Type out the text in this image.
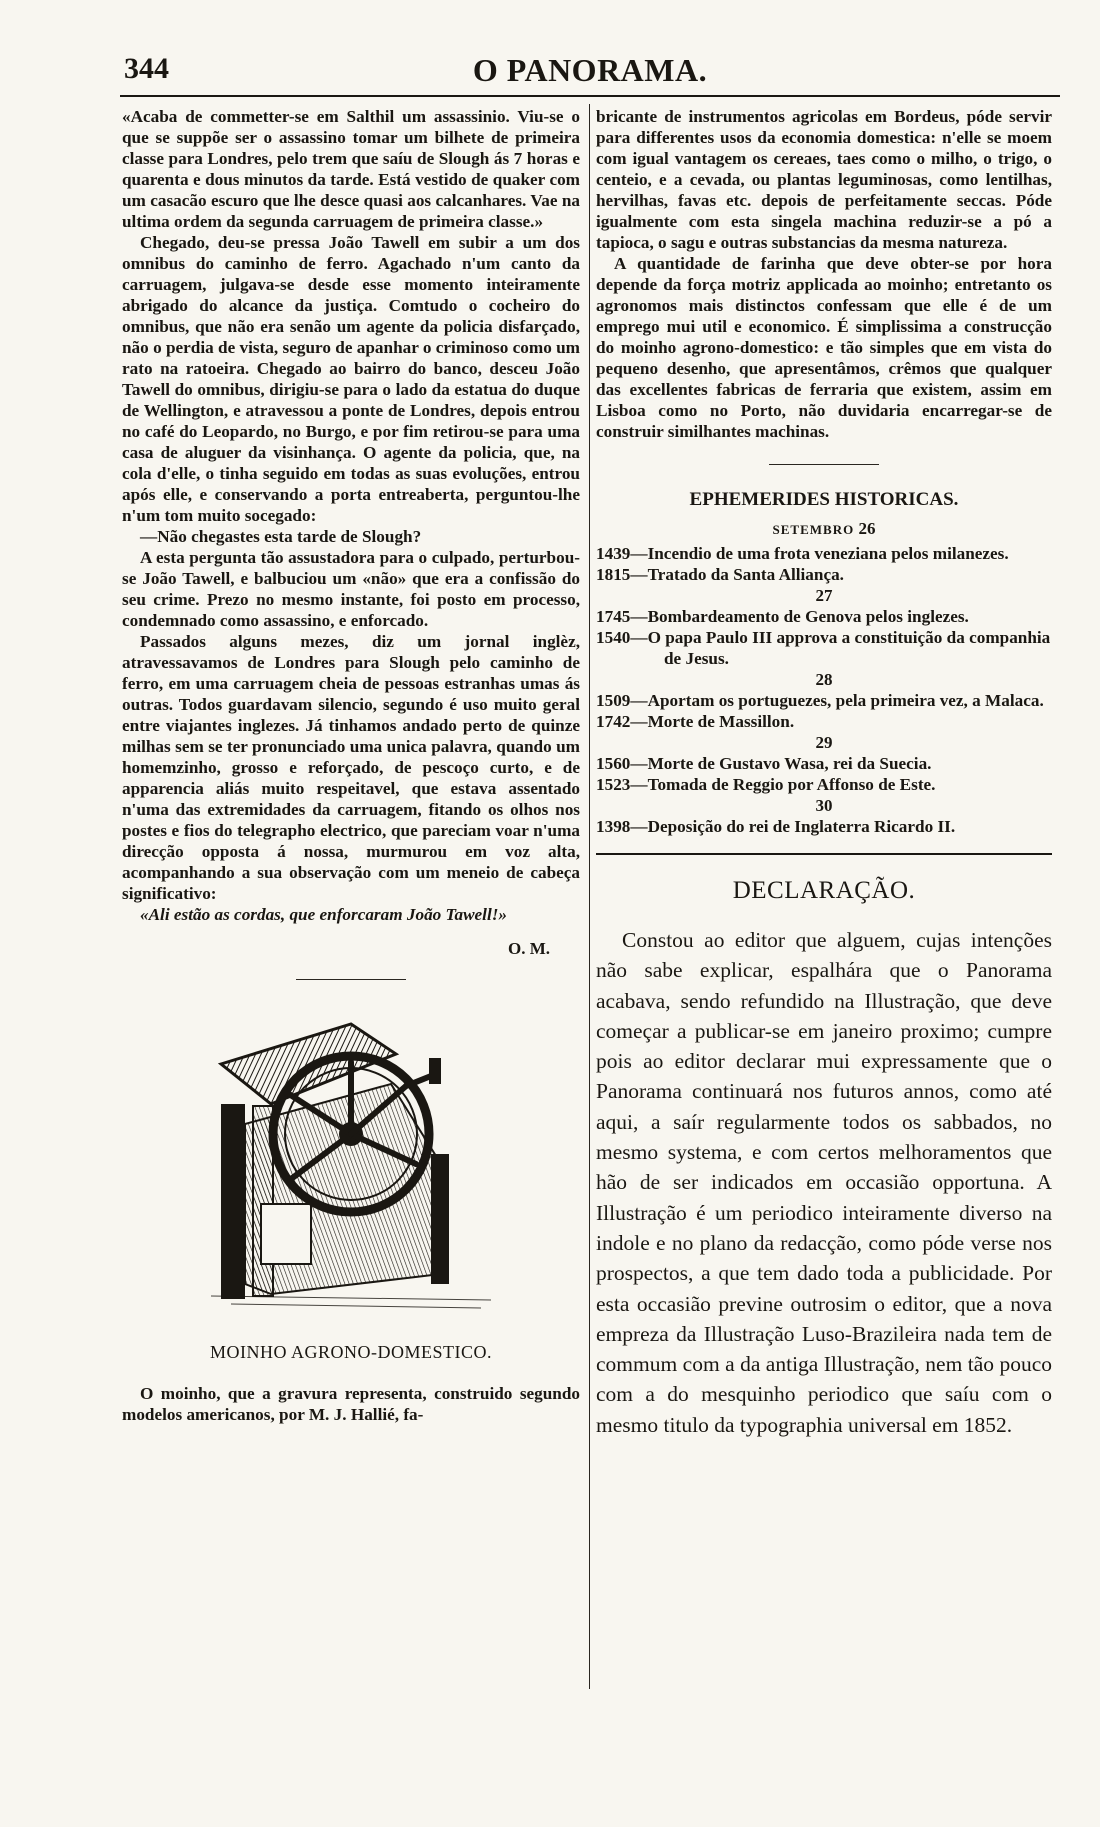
344	O PANORAMA.

«Acaba de commetter-se em Salthil um assassinio. Viu-se o que se suppõe ser o assassino tomar um bilhete de primeira classe para Londres, pelo trem que saíu de Slough ás 7 horas e quarenta e dous minutos da tarde. Está vestido de quaker com um casacão escuro que lhe desce quasi aos calcanhares. Vae na ultima ordem da segunda carruagem de primeira classe.»

Chegado, deu-se pressa João Tawell em subir a um dos omnibus do caminho de ferro. Agachado n'um canto da carruagem, julgava-se desde esse momento inteiramente abrigado do alcance da justiça. Comtudo o cocheiro do omnibus, que não era senão um agente da policia disfarçado, não o perdia de vista, seguro de apanhar o criminoso como um rato na ratoeira. Chegado ao bairro do banco, desceu João Tawell do omnibus, dirigiu-se para o lado da estatua do duque de Wellington, e atravessou a ponte de Londres, depois entrou no café do Leopardo, no Burgo, e por fim retirou-se para uma casa de aluguer da visinhança. O agente da policia, que, na cola d'elle, o tinha seguido em todas as suas evoluções, entrou após elle, e conservando a porta entreaberta, perguntou-lhe n'um tom muito socegado:

—Não chegastes esta tarde de Slough?

A esta pergunta tão assustadora para o culpado, perturbou-se João Tawell, e balbuciou um «não» que era a confissão do seu crime. Prezo no mesmo instante, foi posto em processo, condemnado como assassino, e enforcado.

Passados alguns mezes, diz um jornal inglèz, atravessavamos de Londres para Slough pelo caminho de ferro, em uma carruagem cheia de pessoas estranhas umas ás outras. Todos guardavam silencio, segundo é uso muito geral entre viajantes inglezes. Já tinhamos andado perto de quinze milhas sem se ter pronunciado uma unica palavra, quando um homemzinho, grosso e reforçado, de pescoço curto, e de apparencia aliás muito respeitavel, que estava assentado n'uma das extremidades da carruagem, fitando os olhos nos postes e fios do telegrapho electrico, que pareciam voar n'uma direcção opposta á nossa, murmurou em voz alta, acompanhando a sua observação com um meneio de cabeça significativo:

«Ali estão as cordas, que enforcaram João Tawell!»

O. M.
MOINHO AGRONO-DOMESTICO.

O moinho, que a gravura representa, construido segundo modelos americanos, por M. J. Hallié, fa-

bricante de instrumentos agricolas em Bordeus, póde servir para differentes usos da economia domestica: n'elle se moem com igual vantagem os cereaes, taes como o milho, o trigo, o centeio, e a cevada, ou plantas leguminosas, como lentilhas, hervilhas, favas etc. depois de perfeitamente seccas. Póde igualmente com esta singela machina reduzir-se a pó a tapioca, o sagu e outras substancias da mesma natureza.

A quantidade de farinha que deve obter-se por hora depende da força motriz applicada ao moinho; entretanto os agronomos mais distinctos confessam que elle é de um emprego mui util e economico. É simplissima a construcção do moinho agrono-domestico: e tão simples que em vista do pequeno desenho, que apresentâmos, crêmos que qualquer das excellentes fabricas de ferraria que existem, assim em Lisboa como no Porto, não duvidaria encarregar-se de construir similhantes machinas.

EPHEMERIDES HISTORICAS.
SETEMBRO 26

1439—Incendio de uma frota veneziana pelos milanezes.

1815—Tratado da Santa Alliança.

27

1745—Bombardeamento de Genova pelos inglezes.

1540—O papa Paulo III approva a constituição da companhia de Jesus.

28

1509—Aportam os portuguezes, pela primeira vez, a Malaca.

1742—Morte de Massillon.

29

1560—Morte de Gustavo Wasa, rei da Suecia.

1523—Tomada de Reggio por Affonso de Este.

30

1398—Deposição do rei de Inglaterra Ricardo II.

DECLARAÇÃO.

Constou ao editor que alguem, cujas intenções não sabe explicar, espalhára que o Panorama acabava, sendo refundido na Illustração, que deve começar a publicar-se em janeiro proximo; cumpre pois ao editor declarar mui expressamente que o Panorama continuará nos futuros annos, como até aqui, a saír regularmente todos os sabbados, no mesmo systema, e com certos melhoramentos que hão de ser indicados em occasião opportuna. A Illustração é um periodico inteiramente diverso na indole e no plano da redacção, como póde verse nos prospectos, a que tem dado toda a publicidade. Por esta occasião previne outrosim o editor, que a nova empreza da Illustração Luso-Brazileira nada tem de commum com a da antiga Illustração, nem tão pouco com a do mesquinho periodico que saíu com o mesmo titulo da typographia universal em 1852.
